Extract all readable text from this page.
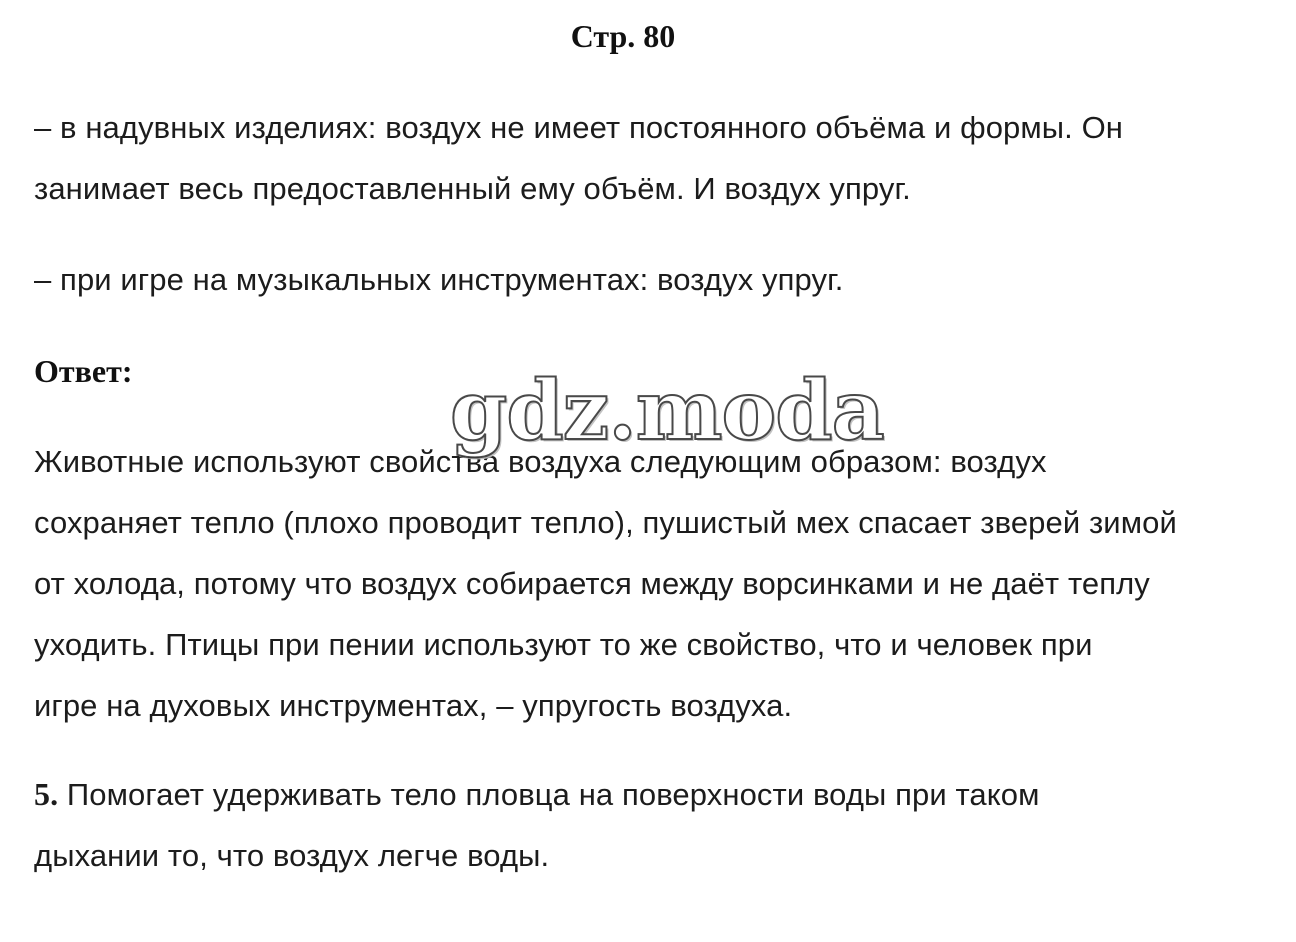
Стр. 80

– в надувных изделиях: воздух не имеет постоянного объёма и формы. Он
занимает весь предоставленный ему объём. И воздух упруг.

– при игре на музыкальных инструментах: воздух упруг.

Ответ:

Животные используют свойства воздуха следующим образом: воздух
сохраняет тепло (плохо проводит тепло), пушистый мех спасает зверей зимой
от холода, потому что воздух собирается между ворсинками и не даёт теплу
уходить. Птицы при пении используют то же свойство, что и человек при
игре на духовых инструментах, – упругость воздуха.

5. Помогает удерживать тело пловца на поверхности воды при таком
дыхании то, что воздух легче воды.

gdz.moda
